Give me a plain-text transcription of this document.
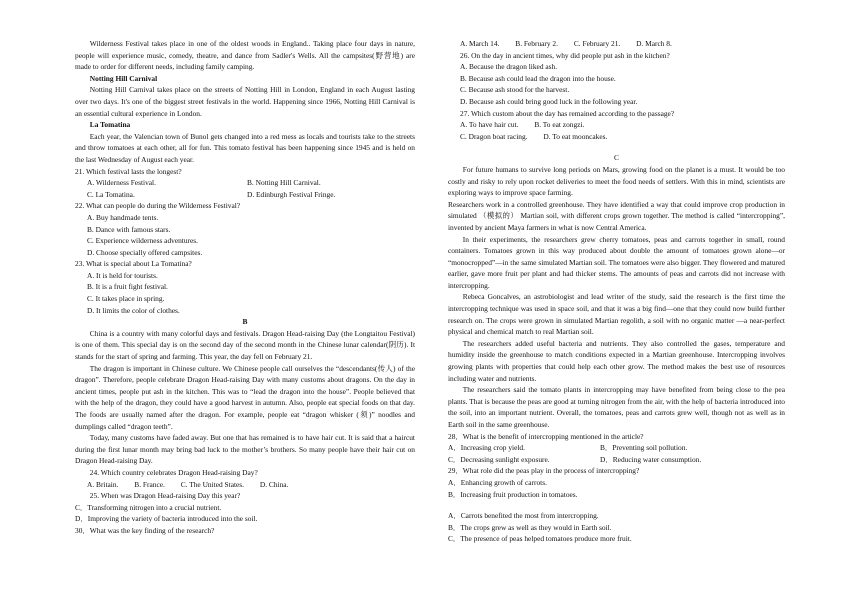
Wilderness Festival takes place in one of the oldest woods in England.. Taking place four days in nature, people will experience music, comedy, theatre, and dance from Sadler's Wells. All the campsites(野营地) are made to order for different needs, including family camping.

Notting Hill Carnival

Notting Hill Carnival takes place on the streets of Notting Hill in London, England in each August lasting over two days. It's one of the biggest street festivals in the world. Happening since 1966, Notting Hill Carnival is an essential cultural experience in London.

La Tomatina

Each year, the Valencian town of Bunol gets changed into a red mess as locals and tourists take to the streets and throw tomatoes at each other, all for fun. This tomato festival has been happening since 1945 and is held on the last Wednesday of August each year.

21. Which festival lasts the longest?

A. Wilderness Festival.	B. Notting Hill Carnival.
C. La Tomatina.	D. Edinburgh Festival Fringe.

22. What can people do during the Wilderness Festival?

A. Buy handmade tents.

B. Dance with famous stars.

C. Experience wilderness adventures.

D. Choose specially offered campsites.

23. What is special about La Tomatina?

A. It is held for tourists.

B. It is a fruit fight festival.

C. It takes place in spring.

D. It limits the color of clothes.

B

China is a country with many colorful days and festivals. Dragon Head-raising Day (the Longtaitou Festival) is one of them. This special day is on the second day of the second month in the Chinese lunar calendar(阴历). It stands for the start of spring and farming. This year, the day fell on February 21.

The dragon is important in Chinese culture. We Chinese people call ourselves the “descendants(传人) of the dragon”. Therefore, people celebrate Dragon Head-raising Day with many customs about dragons. On the day in ancient times, people put ash in the kitchen. This was to “lead the dragon into the house”. People believed that with the help of the dragon, they could have a good harvest in autumn. Also, people eat special foods on that day. The foods are usually named after the dragon. For example, people eat “dragon whisker (须)” noodles and dumplings called “dragon teeth”.

Today, many customs have faded away. But one that has remained is to have hair cut. It is said that a haircut during the first lunar month may bring bad luck to the mother’s brothers. So many people have their hair cut on Dragon Head-raising Day.

24. Which country celebrates Dragon Head-raising Day?

A. Britain. B. France. C. The United States. D. China.

25. When was Dragon Head-raising Day this year?

C．Transforming nitrogen into a crucial nutrient.

D．Improving the variety of bacteria introduced into the soil.

30．What was the key finding of the research?

A. March 14. B. February 2. C. February 21. D. March 8.

26. On the day in ancient times, why did people put ash in the kitchen?

A. Because the dragon liked ash.

B. Because ash could lead the dragon into the house.

C. Because ash stood for the harvest.

D. Because ash could bring good luck in the following year.

27. Which custom about the day has remained according to the passage?

A. To have hair cut. B. To eat zongzi.

C. Dragon boat racing. D. To eat mooncakes.

C

For future humans to survive long periods on Mars, growing food on the planet is a must. It would be too costly and risky to rely upon rocket deliveries to meet the food needs of settlers. With this in mind, scientists are exploring ways to improve space farming.

Researchers work in a controlled greenhouse. They have identified a way that could improve crop production in simulated （模拟的） Martian soil, with different crops grown together. The method is called “intercropping”, invented by ancient Maya farmers in what is now Central America.

In their experiments, the researchers grew cherry tomatoes, peas and carrots together in small, round containers. Tomatoes grown in this way produced about double the amount of tomatoes grown alone—or “monocropped”—in the same simulated Martian soil. The tomatoes were also bigger. They flowered and matured earlier, gave more fruit per plant and had thicker stems. The amounts of peas and carrots did not increase with intercropping.

Rebeca Goncalves, an astrobiologist and lead writer of the study, said the research is the first time the intercropping technique was used in space soil, and that it was a big find—one that they could now build further research on. The crops were grown in simulated Martian regolith, a soil with no organic matter —a near-perfect physical and chemical match to real Martian soil.

The researchers added useful bacteria and nutrients. They also controlled the gases, temperature and humidity inside the greenhouse to match conditions expected in a Martian greenhouse. Intercropping involves growing plants with properties that could help each other grow. The method makes the best use of resources including water and nutrients.

The researchers said the tomato plants in intercropping may have benefited from being close to the pea plants. That is because the peas are good at turning nitrogen from the air, with the help of bacteria introduced into the soil, into an important nutrient. Overall, the tomatoes, peas and carrots grew well, though not as well as in Earth soil in the same greenhouse.

28．What is the benefit of intercropping mentioned in the article?

A．Increasing crop yield.	B．Preventing soil pollution.
C．Decreasing sunlight exposure.	D．Reducing water consumption.

29．What role did the peas play in the process of intercropping?

A．Enhancing growth of carrots.

B．Increasing fruit production in tomatoes.

A．Carrots benefited the most from intercropping.

B．The crops grew as well as they would in Earth soil.

C．The presence of peas helped tomatoes produce more fruit.
